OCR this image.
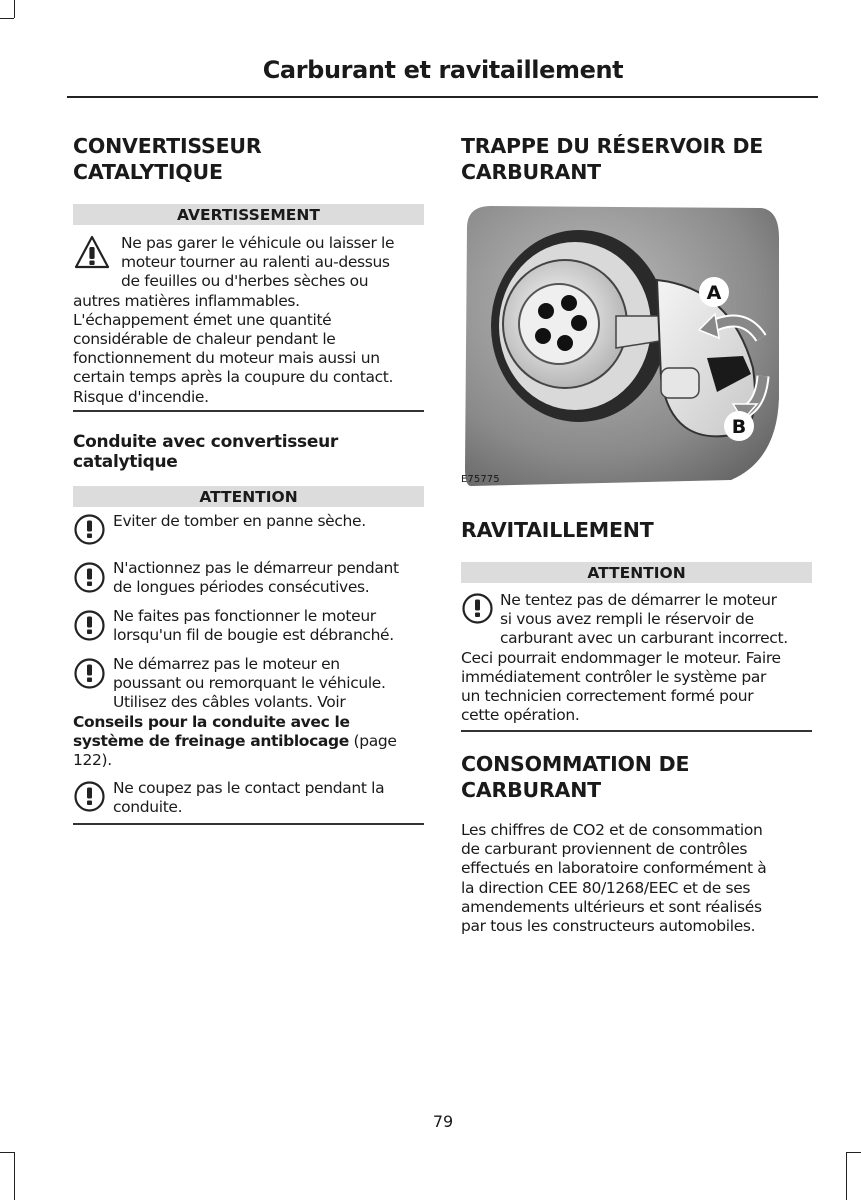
Carburant et ravitaillement
CONVERTISSEUR
CATALYTIQUE
AVERTISSEMENT
Ne pas garer le véhicule ou laisser le
moteur tourner au ralenti au-dessus
de feuilles ou d'herbes sèches ou
autres matières inflammables.
L'échappement émet une quantité
considérable de chaleur pendant le
fonctionnement du moteur mais aussi un
certain temps après la coupure du contact.
Risque d'incendie.
Conduite avec convertisseur
catalytique
ATTENTION
Eviter de tomber en panne sèche.
N'actionnez pas le démarreur pendant
de longues périodes consécutives.
Ne faites pas fonctionner le moteur
lorsqu'un fil de bougie est débranché.
Ne démarrez pas le moteur en
poussant ou remorquant le véhicule.
Utilisez des câbles volants. Voir
Conseils pour la conduite avec le
système de freinage antiblocage (page
122).
Ne coupez pas le contact pendant la
conduite.
TRAPPE DU RÉSERVOIR DE
CARBURANT
A
B
E75775
RAVITAILLEMENT
ATTENTION
Ne tentez pas de démarrer le moteur
si vous avez rempli le réservoir de
carburant avec un carburant incorrect.
Ceci pourrait endommager le moteur. Faire
immédiatement contrôler le système par
un technicien correctement formé pour
cette opération.
CONSOMMATION DE
CARBURANT
Les chiffres de CO2 et de consommation
de carburant proviennent de contrôles
effectués en laboratoire conformément à
la direction CEE 80/1268/EEC et de ses
amendements ultérieurs et sont réalisés
par tous les constructeurs automobiles.
79
